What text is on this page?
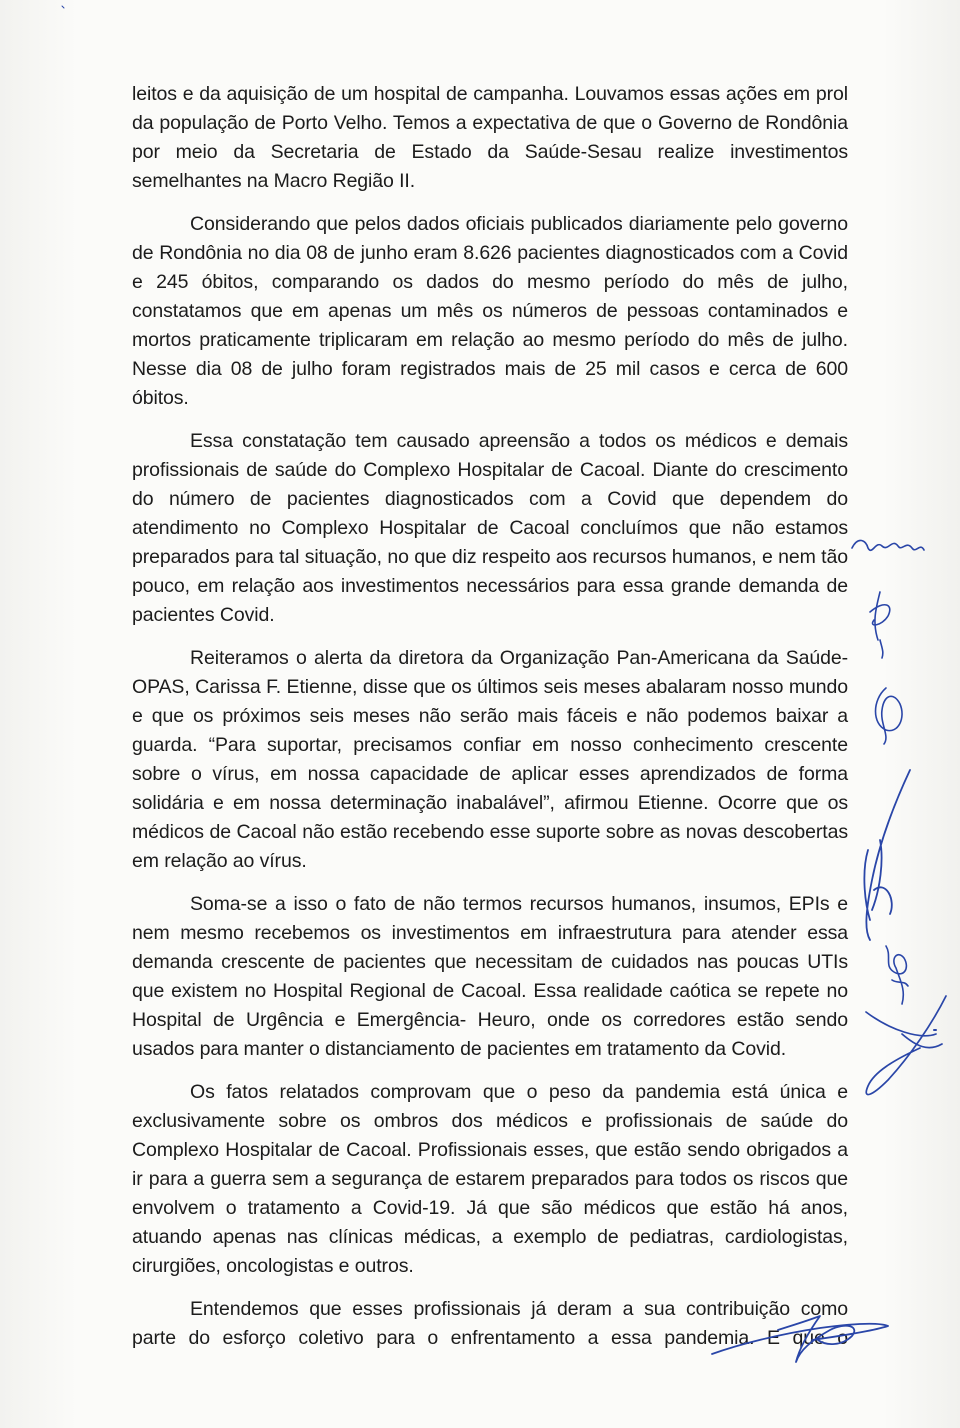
leitos e da aquisição de um hospital de campanha. Louvamos essas ações em prol da população de Porto Velho. Temos a expectativa de que o Governo de Rondônia por meio da Secretaria de Estado da Saúde-Sesau realize investimentos semelhantes na Macro Região II.

Considerando que pelos dados oficiais publicados diariamente pelo governo de Rondônia no dia 08 de junho eram 8.626 pacientes diagnosticados com a Covid e 245 óbitos, comparando os dados do mesmo período do mês de julho, constatamos que em apenas um mês os números de pessoas contaminados e mortos praticamente triplicaram em relação ao mesmo período do mês de julho. Nesse dia 08 de julho foram registrados mais de 25 mil casos e cerca de 600 óbitos.

Essa constatação tem causado apreensão a todos os médicos e demais profissionais de saúde do Complexo Hospitalar de Cacoal. Diante do crescimento do número de pacientes diagnosticados com a Covid que dependem do atendimento no Complexo Hospitalar de Cacoal concluímos que não estamos preparados para tal situação, no que diz respeito aos recursos humanos, e nem tão pouco, em relação aos investimentos necessários para essa grande demanda de pacientes Covid.

Reiteramos o alerta da diretora da Organização Pan-Americana da Saúde-OPAS, Carissa F. Etienne, disse que os últimos seis meses abalaram nosso mundo e que os próximos seis meses não serão mais fáceis e não podemos baixar a guarda. “Para suportar, precisamos confiar em nosso conhecimento crescente sobre o vírus, em nossa capacidade de aplicar esses aprendizados de forma solidária e em nossa determinação inabalável”, afirmou Etienne. Ocorre que os médicos de Cacoal não estão recebendo esse suporte sobre as novas descobertas em relação ao vírus.

Soma-se a isso o fato de não termos recursos humanos, insumos, EPIs e nem mesmo recebemos os investimentos em infraestrutura para atender essa demanda crescente de pacientes que necessitam de cuidados nas poucas UTIs que existem no Hospital Regional de Cacoal. Essa realidade caótica se repete no Hospital de Urgência e Emergência- Heuro, onde os corredores estão sendo usados para manter o distanciamento de pacientes em tratamento da Covid.

Os fatos relatados comprovam que o peso da pandemia está única e exclusivamente sobre os ombros dos médicos e profissionais de saúde do Complexo Hospitalar de Cacoal. Profissionais esses, que estão sendo obrigados a ir para a guerra sem a segurança de estarem preparados para todos os riscos que envolvem o tratamento a Covid-19. Já que são médicos que estão há anos, atuando apenas nas clínicas médicas, a exemplo de pediatras, cardiologistas, cirurgiões, oncologistas e outros.

Entendemos que esses profissionais já deram a sua contribuição como parte do esforço coletivo para o enfrentamento a essa pandemia. E que o
